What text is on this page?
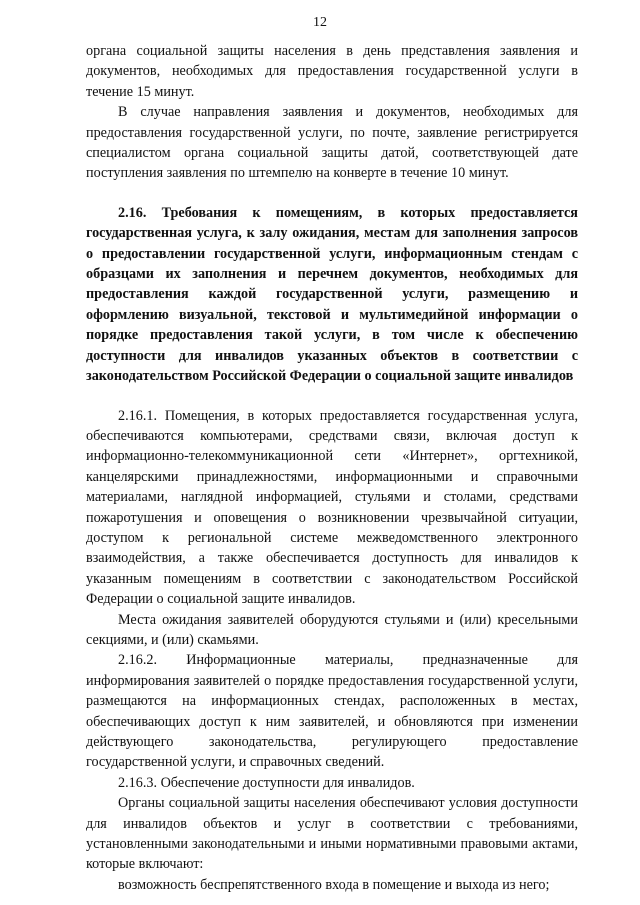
12

органа социальной защиты населения в день представления заявления и документов, необходимых для предоставления государственной услуги в течение 15 минут.

В случае направления заявления и документов, необходимых для предоставления государственной услуги, по почте, заявление регистрируется специалистом органа социальной защиты датой, соответствующей дате поступления заявления по штемпелю на конверте в течение 10 минут.

2.16. Требования к помещениям, в которых предоставляется государственная услуга, к залу ожидания, местам для заполнения запросов о предоставлении государственной услуги, информационным стендам с образцами их заполнения и перечнем документов, необходимых для предоставления каждой государственной услуги, размещению и оформлению визуальной, текстовой и мультимедийной информации о порядке предоставления такой услуги, в том числе к обеспечению доступности для инвалидов указанных объектов в соответствии с законодательством Российской Федерации о социальной защите инвалидов

2.16.1. Помещения, в которых предоставляется государственная услуга, обеспечиваются компьютерами, средствами связи, включая доступ к информационно-телекоммуникационной сети «Интернет», оргтехникой, канцелярскими принадлежностями, информационными и справочными материалами, наглядной информацией, стульями и столами, средствами пожаротушения и оповещения о возникновении чрезвычайной ситуации, доступом к региональной системе межведомственного электронного взаимодействия, а также обеспечивается доступность для инвалидов к указанным помещениям в соответствии с законодательством Российской Федерации о социальной защите инвалидов.

Места ожидания заявителей оборудуются стульями и (или) кресельными секциями, и (или) скамьями.

2.16.2. Информационные материалы, предназначенные для информирования заявителей о порядке предоставления государственной услуги, размещаются на информационных стендах, расположенных в местах, обеспечивающих доступ к ним заявителей, и обновляются при изменении действующего законодательства, регулирующего предоставление государственной услуги, и справочных сведений.

2.16.3. Обеспечение доступности для инвалидов.

Органы социальной защиты населения обеспечивают условия доступности для инвалидов объектов и услуг в соответствии с требованиями, установленными законодательными и иными нормативными правовыми актами, которые включают:

возможность беспрепятственного входа в помещение и выхода из него;
